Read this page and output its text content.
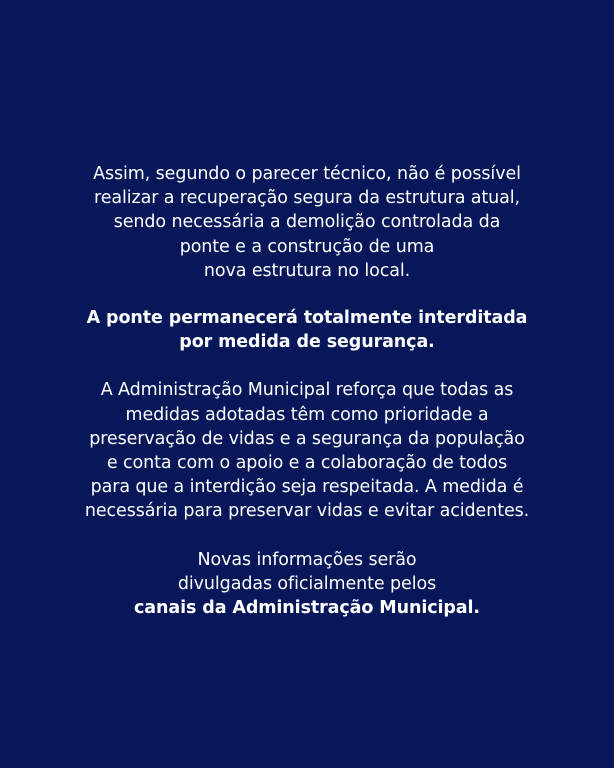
Assim, segundo o parecer técnico, não é possível
realizar a recuperação segura da estrutura atual,
sendo necessária a demolição controlada da
ponte e a construção de uma
nova estrutura no local.

A ponte permanecerá totalmente interditada
por medida de segurança.

A Administração Municipal reforça que todas as
medidas adotadas têm como prioridade a
preservação de vidas e a segurança da população
e conta com o apoio e a colaboração de todos
para que a interdição seja respeitada. A medida é
necessária para preservar vidas e evitar acidentes.

Novas informações serão
divulgadas oficialmente pelos
canais da Administração Municipal.
